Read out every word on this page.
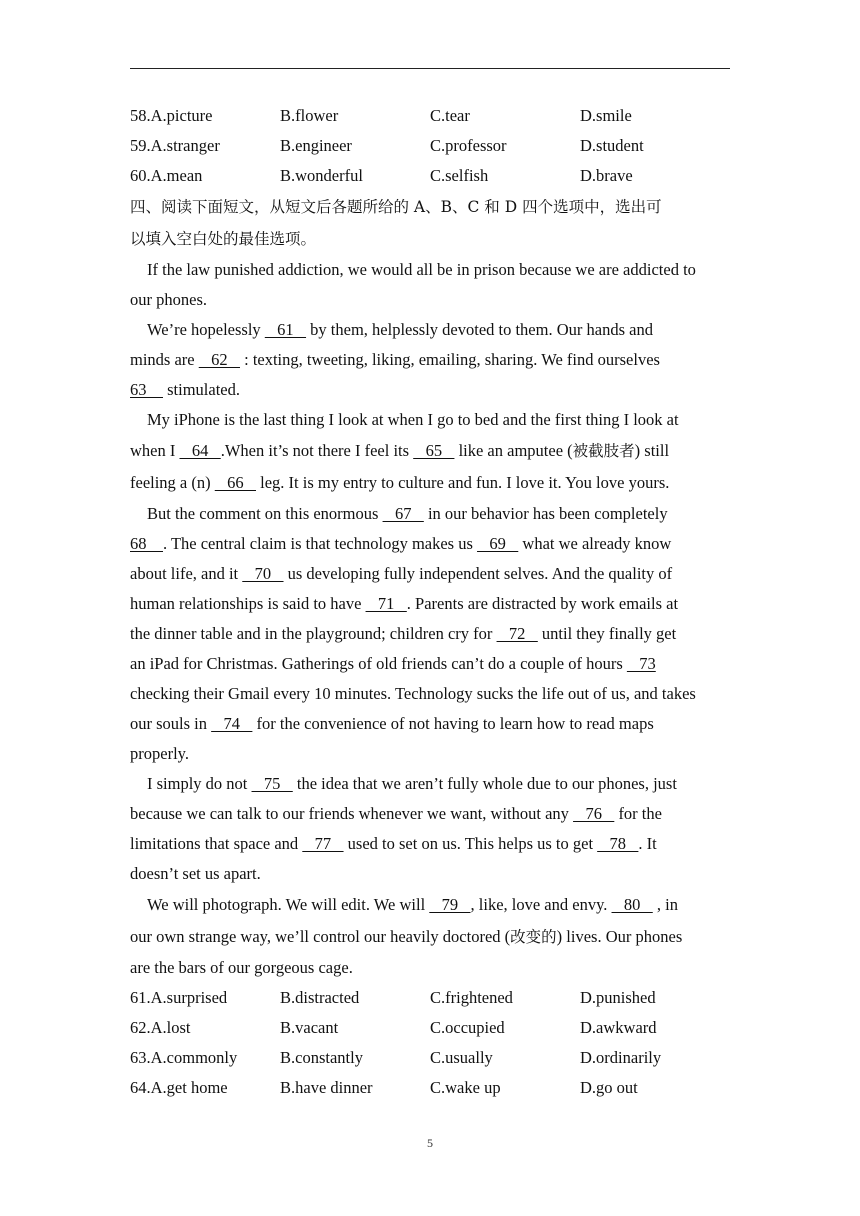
58.A.picture	B.flower	C.tear	D.smile
59.A.stranger	B.engineer	C.professor	D.student
60.A.mean	B.wonderful	C.selfish	D.brave
四、阅读下面短文，从短文后各题所给的 A、B、C 和 D 四个选项中，选出可
以填入空白处的最佳选项。
If the law punished addiction, we would all be in prison because we are addicted to
our phones.
We’re hopelessly    61    by them, helplessly devoted to them. Our hands and
minds are    62    : texting, tweeting, liking, emailing, sharing. We find ourselves
63     stimulated.
My iPhone is the last thing I look at when I go to bed and the first thing I look at
when I    64   .When it’s not there I feel its    65    like an amputee (被截肢者) still
feeling a (n)    66    leg. It is my entry to culture and fun. I love it. You love yours.
But the comment on this enormous    67    in our behavior has been completely
68    . The central claim is that technology makes us    69    what we already know
about life, and it    70    us developing fully independent selves. And the quality of
human relationships is said to have    71   . Parents are distracted by work emails at
the dinner table and in the playground; children cry for    72    until they finally get
an iPad for Christmas. Gatherings of old friends can’t do a couple of hours    73
checking their Gmail every 10 minutes. Technology sucks the life out of us, and takes
our souls in    74    for the convenience of not having to learn how to read maps
properly.
I simply do not    75    the idea that we aren’t fully whole due to our phones, just
because we can talk to our friends whenever we want, without any    76    for the
limitations that space and    77    used to set on us. This helps us to get    78   . It
doesn’t set us apart.
We will photograph. We will edit. We will    79   , like, love and envy.    80    , in
our own strange way, we’ll control our heavily doctored (改变的) lives. Our phones
are the bars of our gorgeous cage.
61.A.surprised	B.distracted	C.frightened	D.punished
62.A.lost	B.vacant	C.occupied	D.awkward
63.A.commonly	B.constantly	C.usually	D.ordinarily
64.A.get home	B.have dinner	C.wake up	D.go out
5
